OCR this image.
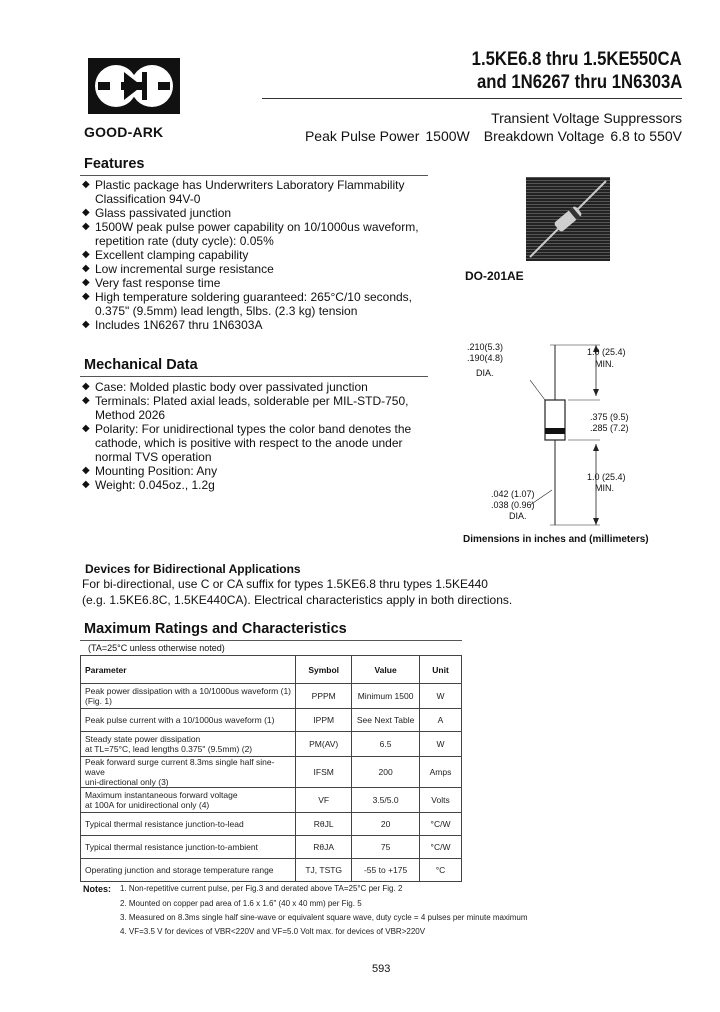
GOOD-ARK
1.5KE6.8 thru 1.5KE550CA
and 1N6267 thru 1N6303A
Transient Voltage Suppressors
Peak Pulse Power 1500W Breakdown Voltage 6.8 to 550V
Features
◆ Plastic package has Underwriters Laboratory Flammability
Classification 94V-0
◆ Glass passivated junction
◆ 1500W peak pulse power capability on 10/1000us waveform,
repetition rate (duty cycle): 0.05%
◆ Excellent clamping capability
◆ Low incremental surge resistance
◆ Very fast response time
◆ High temperature soldering guaranteed: 265°C/10 seconds,
0.375" (9.5mm) lead length, 5lbs. (2.3 kg) tension
◆ Includes 1N6267 thru 1N6303A
DO-201AE
.210(5.3)
.190(4.8)
DIA.
1.0 (25.4)
MIN.
.375 (9.5)
.285 (7.2)
1.0 (25.4)
MIN.
.042 (1.07)
.038 (0.96)
DIA.
Dimensions in inches and (millimeters)
Mechanical Data
◆ Case: Molded plastic body over passivated junction
◆ Terminals: Plated axial leads, solderable per MIL-STD-750,
Method 2026
◆ Polarity: For unidirectional types the color band denotes the
cathode, which is positive with respect to the anode under
normal TVS operation
◆ Mounting Position: Any
◆ Weight: 0.045oz., 1.2g
Devices for Bidirectional Applications
For bi-directional, use C or CA suffix for types 1.5KE6.8 thru types 1.5KE440
(e.g. 1.5KE6.8C, 1.5KE440CA). Electrical characteristics apply in both directions.
Maximum Ratings and Characteristics
(TA=25°C unless otherwise noted)
Parameter	Symbol	Value	Unit
Peak power dissipation with a 10/1000us waveform (1)
(Fig. 1)	PPPM	Minimum 1500	W
Peak pulse current with a 10/1000us waveform (1)	IPPM	See Next Table	A
Steady state power dissipation
at TL=75°C, lead lengths 0.375" (9.5mm) (2)	PM(AV)	6.5	W
Peak forward surge current 8.3ms single half sine-wave
uni-directional only (3)	IFSM	200	Amps
Maximum instantaneous forward voltage
at 100A for unidirectional only (4)	VF	3.5/5.0	Volts
Typical thermal resistance junction-to-lead	RθJL	20	°C/W
Typical thermal resistance junction-to-ambient	RθJA	75	°C/W
Operating junction and storage temperature range	TJ, TSTG	-55 to +175	°C
Notes: 1. Non-repetitive current pulse, per Fig.3 and derated above TA=25°C per Fig. 2
2. Mounted on copper pad area of 1.6 x 1.6" (40 x 40 mm) per Fig. 5
3. Measured on 8.3ms single half sine-wave or equivalent square wave, duty cycle = 4 pulses per minute maximum
4. VF=3.5 V for devices of VBR<220V and VF=5.0 Volt max. for devices of VBR>220V
593
